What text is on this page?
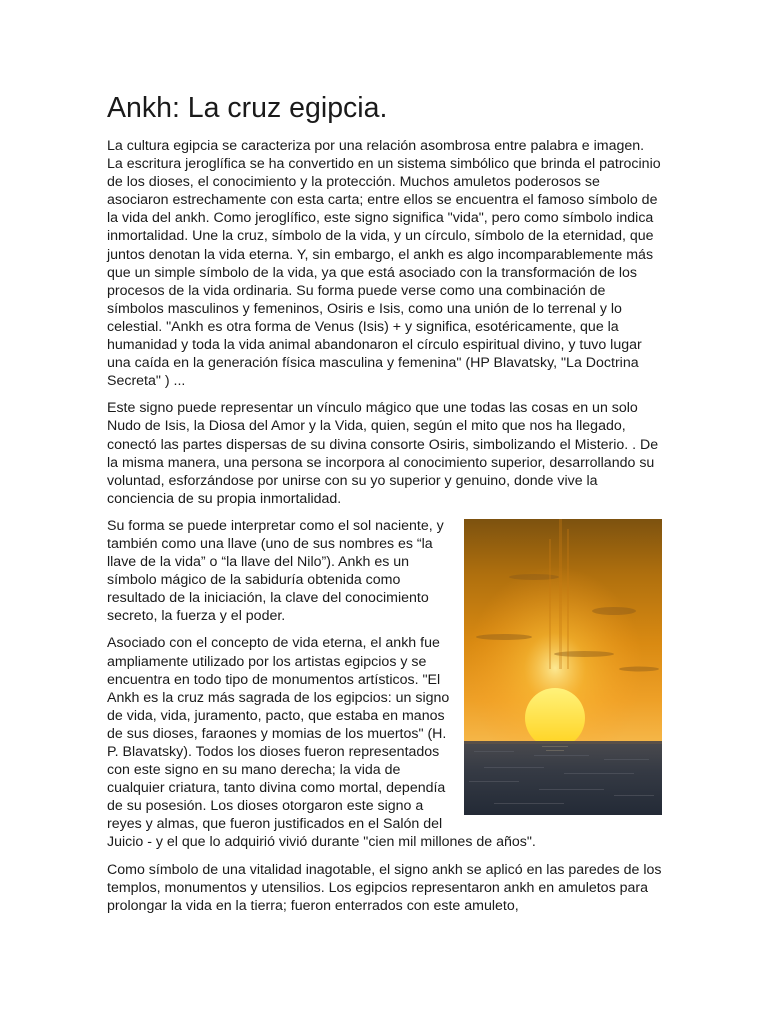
Ankh: La cruz egipcia.

La cultura egipcia se caracteriza por una relación asombrosa entre palabra e imagen. La escritura jeroglífica se ha convertido en un sistema simbólico que brinda el patrocinio de los dioses, el conocimiento y la protección. Muchos amuletos poderosos se asociaron estrechamente con esta carta; entre ellos se encuentra el famoso símbolo de la vida del ankh. Como jeroglífico, este signo significa "vida", pero como símbolo indica inmortalidad. Une la cruz, símbolo de la vida, y un círculo, símbolo de la eternidad, que juntos denotan la vida eterna. Y, sin embargo, el ankh es algo incomparablemente más que un simple símbolo de la vida, ya que está asociado con la transformación de los procesos de la vida ordinaria. Su forma puede verse como una combinación de símbolos masculinos y femeninos, Osiris e Isis, como una unión de lo terrenal y lo celestial. "Ankh es otra forma de Venus (Isis) + y significa, esotéricamente, que la humanidad y toda la vida animal abandonaron el círculo espiritual divino, y tuvo lugar una caída en la generación física masculina y femenina" (HP Blavatsky, "La Doctrina Secreta" ) ...

Este signo puede representar un vínculo mágico que une todas las cosas en un solo Nudo de Isis, la Diosa del Amor y la Vida, quien, según el mito que nos ha llegado, conectó las partes dispersas de su divina consorte Osiris, simbolizando el Misterio. . De la misma manera, una persona se incorpora al conocimiento superior, desarrollando su voluntad, esforzándose por unirse con su yo superior y genuino, donde vive la conciencia de su propia inmortalidad.

Su forma se puede interpretar como el sol naciente, y también como una llave (uno de sus nombres es “la llave de la vida” o “la llave del Nilo”). Ankh es un símbolo mágico de la sabiduría obtenida como resultado de la iniciación, la clave del conocimiento secreto, la fuerza y el poder.

Asociado con el concepto de vida eterna, el ankh fue ampliamente utilizado por los artistas egipcios y se encuentra en todo tipo de monumentos artísticos. "El Ankh es la cruz más sagrada de los egipcios: un signo de vida, vida, juramento, pacto, que estaba en manos de sus dioses, faraones y momias de los muertos" (H. P. Blavatsky). Todos los dioses fueron representados con este signo en su mano derecha; la vida de cualquier criatura, tanto divina como mortal, dependía de su posesión. Los dioses otorgaron este signo a reyes y almas, que fueron justificados en el Salón del Juicio - y el que lo adquirió vivió durante "cien mil millones de años".

Como símbolo de una vitalidad inagotable, el signo ankh se aplicó en las paredes de los templos, monumentos y utensilios. Los egipcios representaron ankh en amuletos para prolongar la vida en la tierra; fueron enterrados con este amuleto,
